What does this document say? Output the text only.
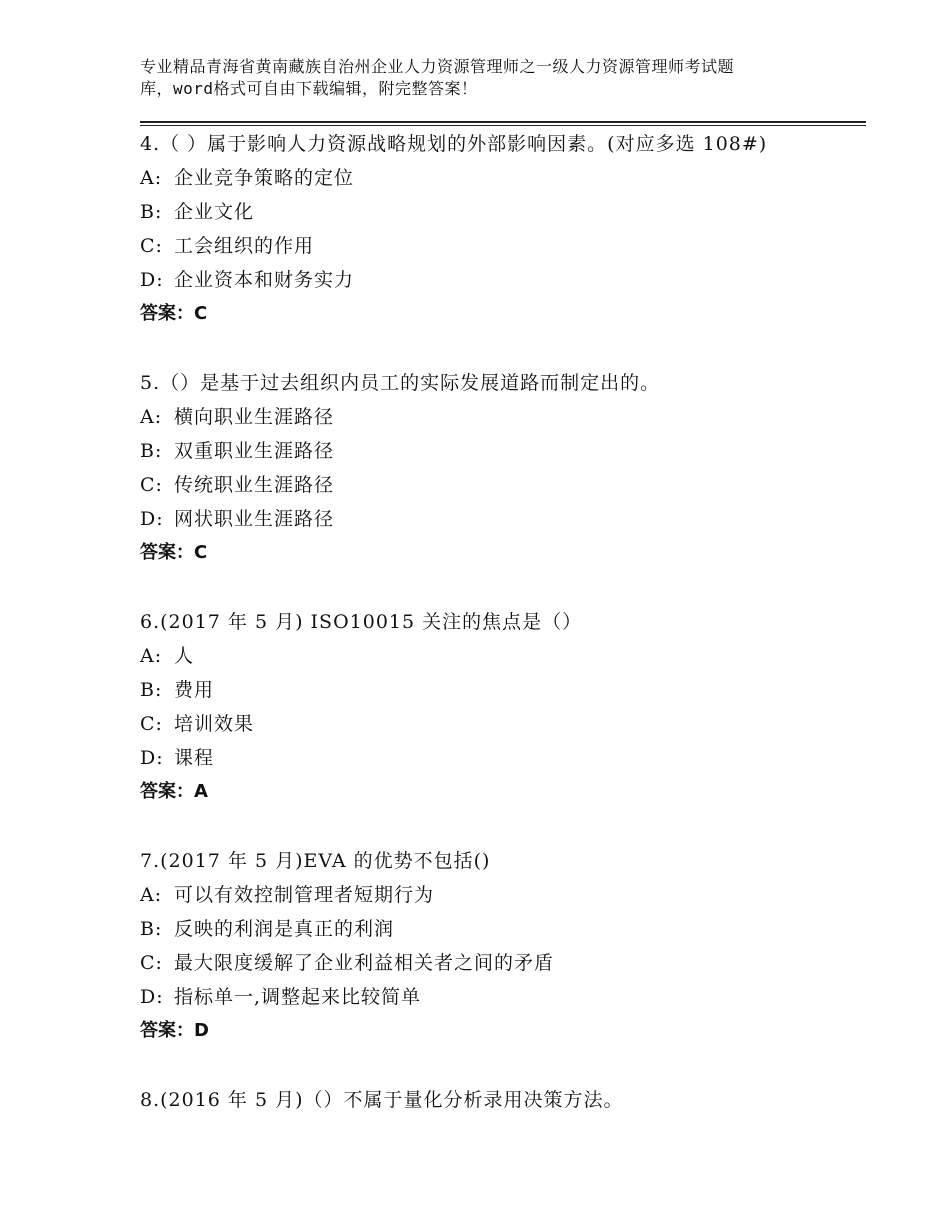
专业精品青海省黄南藏族自治州企业人力资源管理师之一级人力资源管理师考试题
库，word格式可自由下载编辑，附完整答案！
4.（ ）属于影响人力资源战略规划的外部影响因素。(对应多选 108#)
A: 企业竞争策略的定位
B: 企业文化
C: 工会组织的作用
D: 企业资本和财务实力
答案：C
5.（）是基于过去组织内员工的实际发展道路而制定出的。
A: 横向职业生涯路径
B: 双重职业生涯路径
C: 传统职业生涯路径
D: 网状职业生涯路径
答案：C
6.(2017 年 5 月) ISO10015 关注的焦点是（）
A: 人
B: 费用
C: 培训效果
D: 课程
答案：A
7.(2017 年 5 月)EVA 的优势不包括()
A: 可以有效控制管理者短期行为
B: 反映的利润是真正的利润
C: 最大限度缓解了企业利益相关者之间的矛盾
D: 指标单一,调整起来比较简单
答案：D
8.(2016 年 5 月)（）不属于量化分析录用决策方法。
